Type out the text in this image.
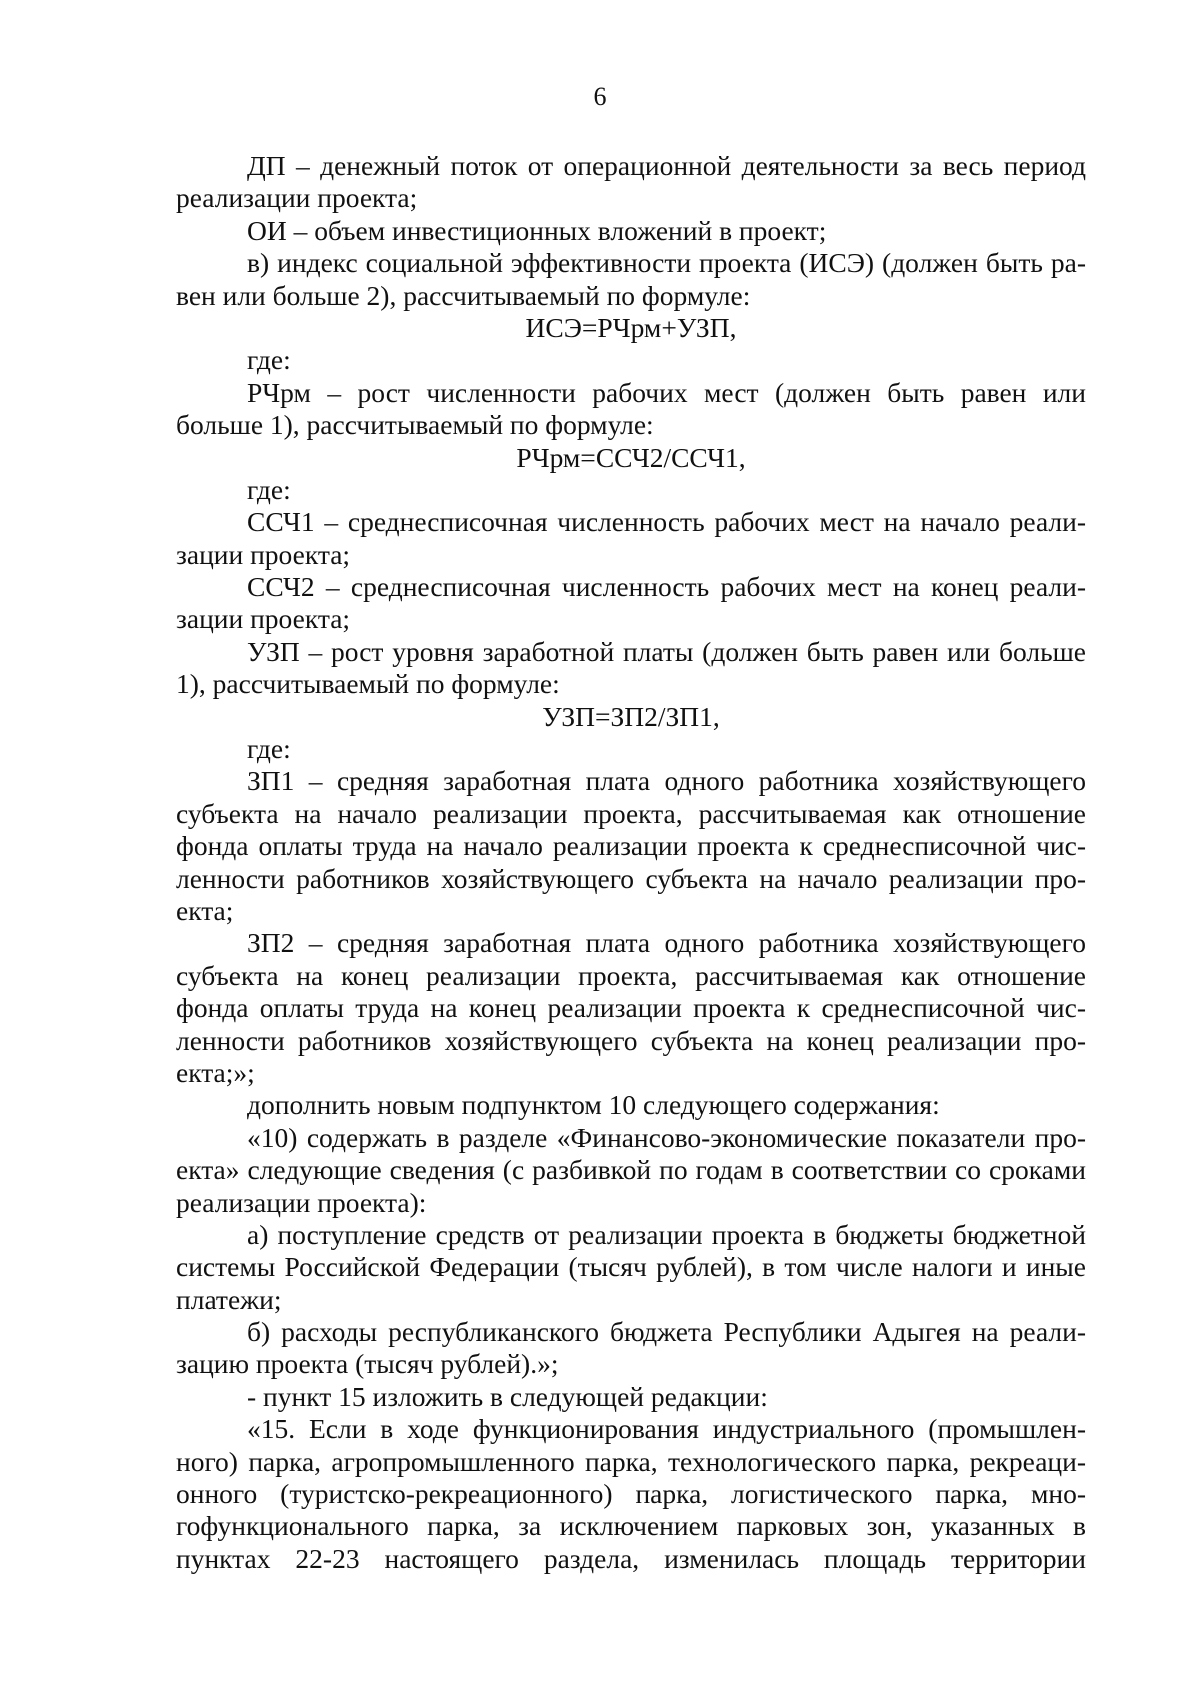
6
ДП – денежный поток от операционной деятельности за весь период
реализации проекта;
ОИ – объем инвестиционных вложений в проект;
в) индекс социальной эффективности проекта (ИСЭ) (должен быть ра-
вен или больше 2), рассчитываемый по формуле:
ИСЭ=РЧрм+УЗП,
где:
РЧрм – рост численности рабочих мест (должен быть равен или
больше 1), рассчитываемый по формуле:
РЧрм=ССЧ2/ССЧ1,
где:
ССЧ1 – среднесписочная численность рабочих мест на начало реали-
зации проекта;
ССЧ2 – среднесписочная численность рабочих мест на конец реали-
зации проекта;
УЗП – рост уровня заработной платы (должен быть равен или больше
1), рассчитываемый по формуле:
УЗП=ЗП2/ЗП1,
где:
ЗП1 – средняя заработная плата одного работника хозяйствующего
субъекта на начало реализации проекта, рассчитываемая как отношение
фонда оплаты труда на начало реализации проекта к среднесписочной чис-
ленности работников хозяйствующего субъекта на начало реализации про-
екта;
ЗП2 – средняя заработная плата одного работника хозяйствующего
субъекта на конец реализации проекта, рассчитываемая как отношение
фонда оплаты труда на конец реализации проекта к среднесписочной чис-
ленности работников хозяйствующего субъекта на конец реализации про-
екта;»;
дополнить новым подпунктом 10 следующего содержания:
«10) содержать в разделе «Финансово-экономические показатели про-
екта» следующие сведения (с разбивкой по годам в соответствии со сроками
реализации проекта):
а) поступление средств от реализации проекта в бюджеты бюджетной
системы Российской Федерации (тысяч рублей), в том числе налоги и иные
платежи;
б) расходы республиканского бюджета Республики Адыгея на реали-
зацию проекта (тысяч рублей).»;
- пункт 15 изложить в следующей редакции:
«15. Если в ходе функционирования индустриального (промышлен-
ного) парка, агропромышленного парка, технологического парка, рекреаци-
онного (туристско-рекреационного) парка, логистического парка, мно-
гофункционального парка, за исключением парковых зон, указанных в
пунктах 22-23 настоящего раздела, изменилась площадь территории
